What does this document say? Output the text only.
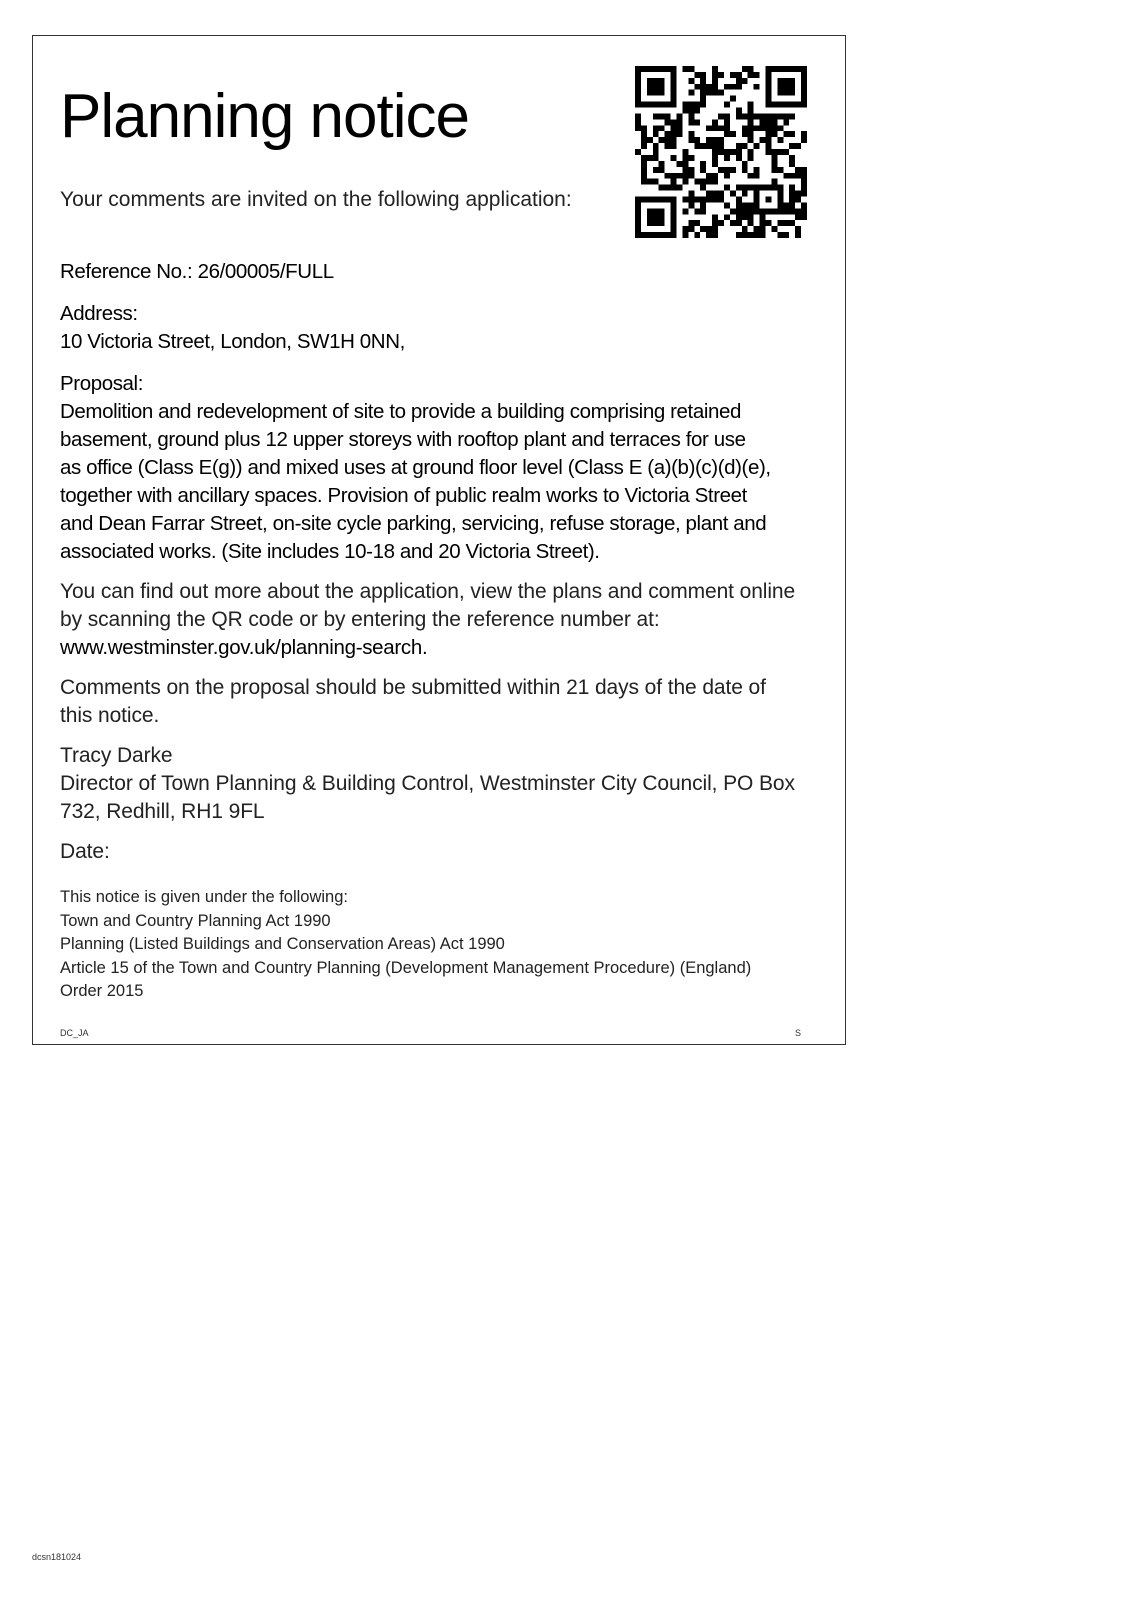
Planning notice
Your comments are invited on the following application:
Reference No.: 26/00005/FULL
Address:
10 Victoria Street, London, SW1H 0NN,
Proposal:
Demolition and redevelopment of site to provide a building comprising retained
basement, ground plus 12 upper storeys with rooftop plant and terraces for use
as office (Class E(g)) and mixed uses at ground floor level (Class E (a)(b)(c)(d)(e),
together with ancillary spaces. Provision of public realm works to Victoria Street
and Dean Farrar Street, on-site cycle parking, servicing, refuse storage, plant and
associated works. (Site includes 10-18 and 20 Victoria Street).
You can find out more about the application, view the plans and comment online
by scanning the QR code or by entering the reference number at:
www.westminster.gov.uk/planning-search.
Comments on the proposal should be submitted within 21 days of the date of
this notice.
Tracy Darke
Director of Town Planning & Building Control, Westminster City Council, PO Box
732, Redhill, RH1 9FL
Date:
This notice is given under the following:
Town and Country Planning Act 1990
Planning (Listed Buildings and Conservation Areas) Act 1990
Article 15 of the Town and Country Planning (Development Management Procedure) (England)
Order 2015
DC_JA	S
dcsn181024
